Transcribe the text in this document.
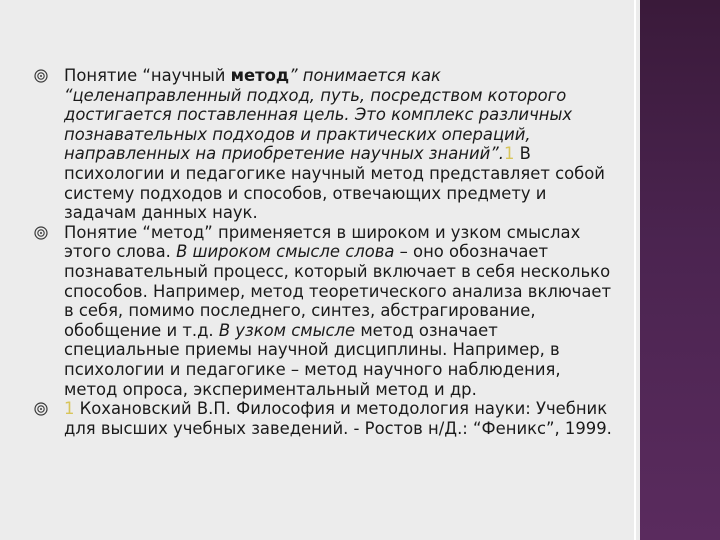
Понятие “научный метод” понимается как “целенаправленный подход, путь, посредством которого достигается поставленная цель. Это комплекс различных познавательных подходов и практических операций, направленных на приобретение научных знаний”.1 В психологии и педагогике научный метод представляет собой систему подходов и способов, отвечающих предмету и задачам данных наук.

Понятие “метод” применяется в широком и узком смыслах этого слова. В широком смысле слова – оно обозначает познавательный процесс, который включает в себя несколько способов. Например, метод теоретического анализа включает в себя, помимо последнего, синтез, абстрагирование, обобщение и т.д. В узком смысле метод означает специальные приемы научной дисциплины. Например, в психологии и педагогике – метод научного наблюдения, метод опроса, экспериментальный метод и др.

1 Кохановский В.П. Философия и методология науки: Учебник для высших учебных заведений. - Ростов н/Д.: “Феникс”, 1999.
